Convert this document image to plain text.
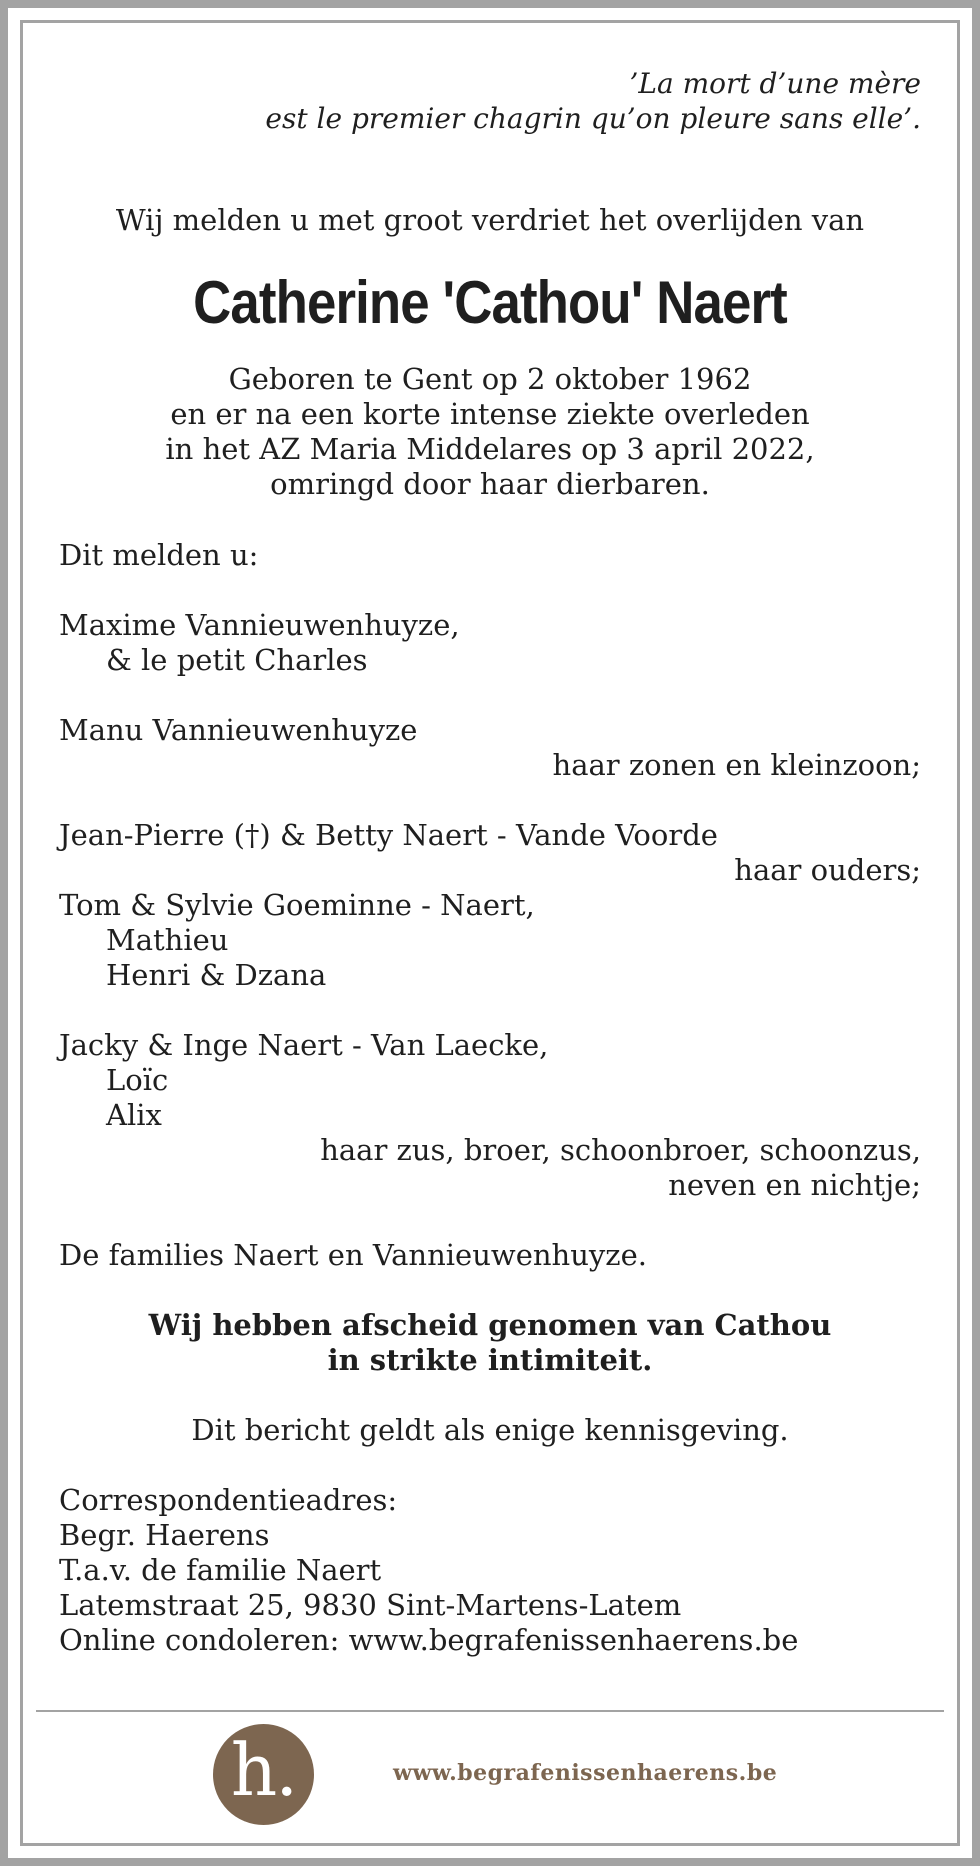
’La mort d’une mère
est le premier chagrin qu’on pleure sans elle’.
Wij melden u met groot verdriet het overlijden van
Catherine 'Cathou' Naert
Geboren te Gent op 2 oktober 1962
en er na een korte intense ziekte overleden
in het AZ Maria Middelares op 3 april 2022,
omringd door haar dierbaren.
Dit melden u:
Maxime Vannieuwenhuyze,
& le petit Charles
Manu Vannieuwenhuyze
haar zonen en kleinzoon;
Jean-Pierre (†) & Betty Naert - Vande Voorde
haar ouders;
Tom & Sylvie Goeminne - Naert,
Mathieu
Henri & Dzana
Jacky & Inge Naert - Van Laecke,
Loïc
Alix
haar zus, broer, schoonbroer, schoonzus,
neven en nichtje;
De families Naert en Vannieuwenhuyze.
Wij hebben afscheid genomen van Cathou
in strikte intimiteit.
Dit bericht geldt als enige kennisgeving.
Correspondentieadres:
Begr. Haerens
T.a.v. de familie Naert
Latemstraat 25, 9830 Sint-Martens-Latem
Online condoleren: www.begrafenissenhaerens.be
h.	www.begrafenissenhaerens.be
